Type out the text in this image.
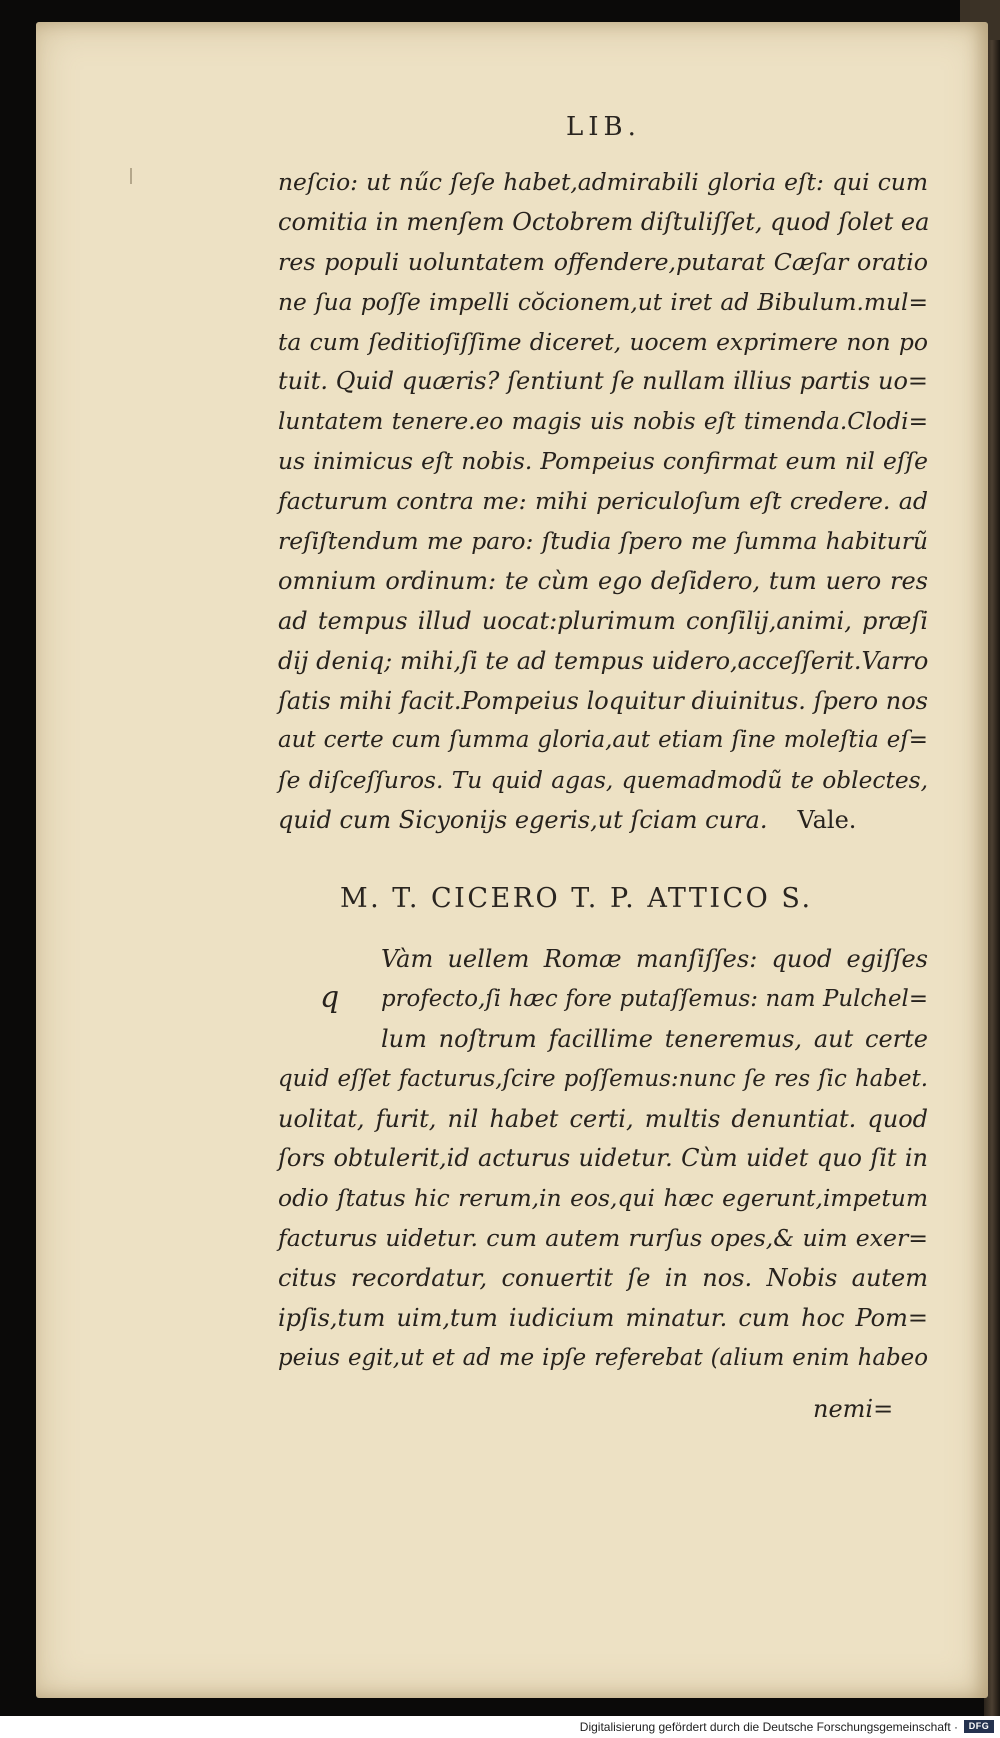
LIB.
neſcio: ut nűc ſeſe habet,admirabili gloria eſt: qui cum
comitia in menſem Octobrem diſtuliſſet, quod ſolet ea
res populi uoluntatem offendere,putarat Cæſar oratio
ne ſua poſſe impelli cŏcionem,ut iret ad Bibulum.mul=
ta cum ſeditioſiſſime diceret, uocem exprimere non po
tuit. Quid quæris? ſentiunt ſe nullam illius partis uo=
luntatem tenere.eo magis uis nobis eſt timenda.Clodi=
us inimicus eſt nobis. Pompeius confirmat eum nil eſſe
facturum contra me: mihi periculoſum eſt credere. ad
reſiſtendum me paro: ſtudia ſpero me ſumma habiturũ
omnium ordinum: te cùm ego deſidero, tum uero res
ad tempus illud uocat:plurimum conſilij,animi, præſi
dij deniq; mihi,ſi te ad tempus uidero,acceſſerit.Varro
ſatis mihi facit.Pompeius loquitur diuinitus. ſpero nos
aut certe cum ſumma gloria,aut etiam ſine moleſtia eſ=
ſe diſceſſuros. Tu quid agas, quemadmodũ te oblectes,
quid cum Sicyonijs egeris,ut ſciam cura. Vale.
M. T. CICERO T. P. ATTICO S.
q
Vàm uellem Romæ manſiſſes: quod egiſſes
profecto,ſi hæc fore putaſſemus: nam Pulchel=
lum noſtrum facillime teneremus, aut certe
quid eſſet facturus,ſcire poſſemus:nunc ſe res ſic habet.
uolitat, furit, nil habet certi, multis denuntiat. quod
ſors obtulerit,id acturus uidetur. Cùm uidet quo ſit in
odio ſtatus hic rerum,in eos,qui hæc egerunt,impetum
facturus uidetur. cum autem rurſus opes,& uim exer=
citus recordatur, conuertit ſe in nos. Nobis autem
ipſis,tum uim,tum iudicium minatur. cum hoc Pom=
peius egit,ut et ad me ipſe referebat (alium enim habeo
nemi=
Digitalisierung gefördert durch die Deutsche Forschungsgemeinschaft ·	DFG
